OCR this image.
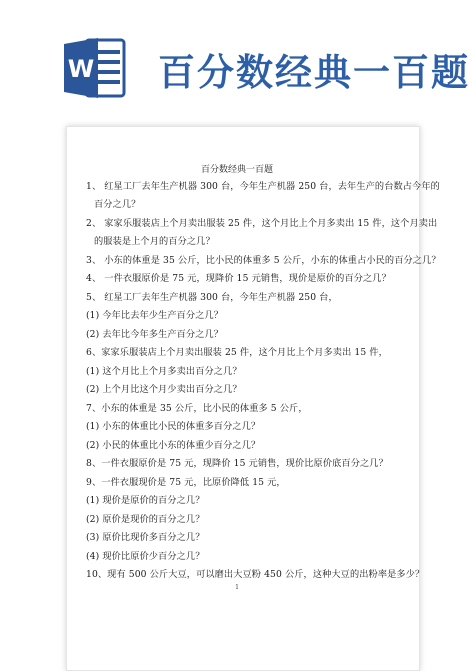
W 百分数经典一百题
百分数经典一百题
1、 红星工厂去年生产机器 300 台，今年生产机器 250 台，去年生产的台数占今年的
百分之几？
2、 家家乐服装店上个月卖出服装 25 件，这个月比上个月多卖出 15 件，这个月卖出
的服装是上个月的百分之几？
3、 小东的体重是 35 公斤，比小民的体重多 5 公斤，小东的体重占小民的百分之几？
4、 一件衣服原价是 75 元，现降价 15 元销售，现价是原价的百分之几？
5、 红星工厂去年生产机器 300 台，今年生产机器 250 台，
(1) 今年比去年少生产百分之几？
(2) 去年比今年多生产百分之几？
6、家家乐服装店上个月卖出服装 25 件，这个月比上个月多卖出 15 件，
(1) 这个月比上个月多卖出百分之几？
(2) 上个月比这个月少卖出百分之几？
7、小东的体重是 35 公斤，比小民的体重多 5 公斤，
(1) 小东的体重比小民的体重多百分之几？
(2) 小民的体重比小东的体重少百分之几？
8、一件衣服原价是 75 元，现降价 15 元销售，现价比原价底百分之几？
9、一件衣服现价是 75 元，比原价降低 15 元，
(1) 现价是原价的百分之几？
(2) 原价是现价的百分之几？
(3) 原价比现价多百分之几？
(4) 现价比原价少百分之几？
10、现有 500 公斤大豆，可以磨出大豆粉 450 公斤，这种大豆的出粉率是多少？
1
